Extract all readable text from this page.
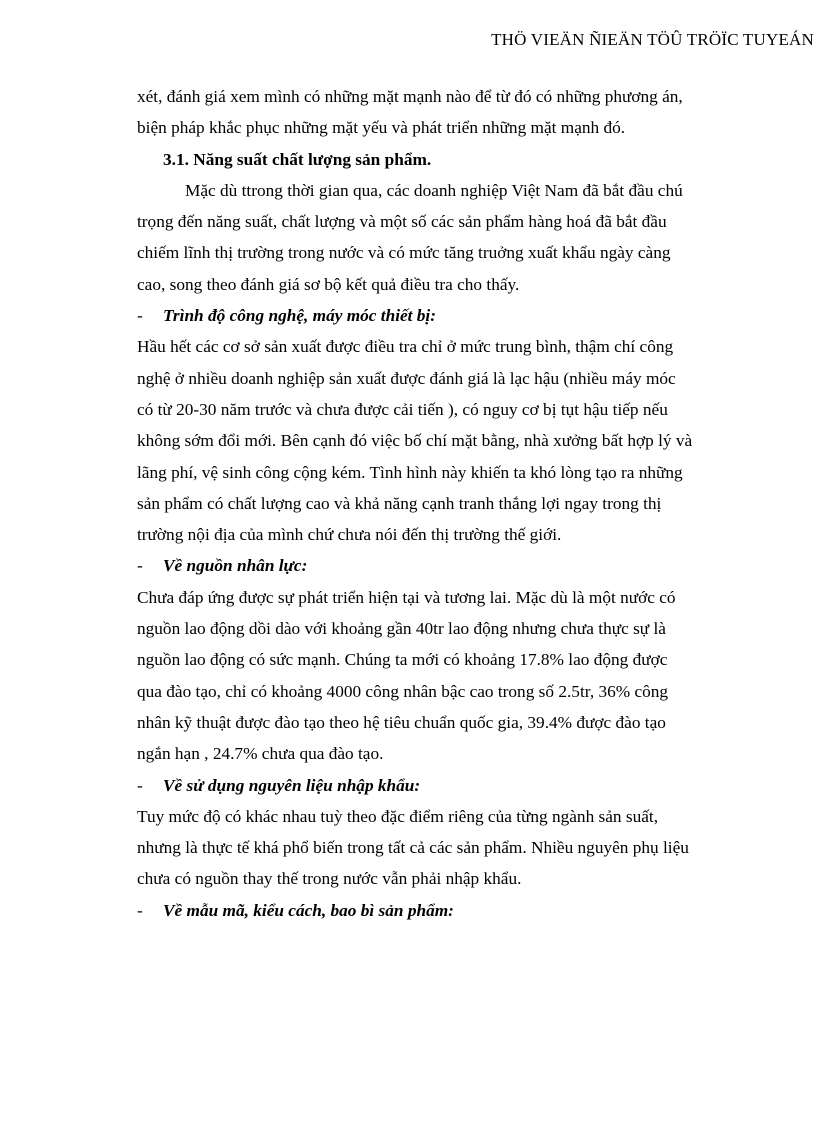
THÖ VIEÄN ÑIEÄN TÖÛ TRÖÏC TUYEÁN
xét, đánh giá xem mình có những mặt mạnh nào để từ đó có những phương án,
biện pháp khắc phục những mặt yếu và phát triển những mặt mạnh đó.
3.1. Năng suất chất lượng sản phẩm.
Mặc dù ttrong thời gian qua, các doanh nghiệp Việt Nam đã bắt đầu chú
trọng đến năng suất, chất lượng và một số các sản phẩm hàng hoá đã bắt đầu
chiếm lĩnh thị trường trong nước và có mức tăng truởng xuất khẩu ngày càng
cao, song theo đánh giá sơ bộ kết quả điều tra cho thấy.
- Trình độ công nghệ, máy móc thiết bị:
Hầu hết các cơ sở sản xuất được điều tra chỉ ở mức trung bình, thậm chí công
nghệ ở nhiều doanh nghiệp sản xuất được đánh giá là lạc hậu (nhiều máy móc
có từ 20-30 năm trước và chưa được cải tiến ), có nguy cơ bị tụt hậu tiếp nếu
không sớm đổi mới. Bên cạnh đó việc bố chí mặt bằng, nhà xưởng bất hợp lý và
lãng phí, vệ sinh công cộng kém. Tình hình này khiến ta khó lòng tạo ra những
sản phẩm có chất lượng cao và khả năng cạnh tranh thắng lợi ngay trong thị
trường nội địa của mình chứ chưa nói đến thị trường thế giới.
- Về nguồn nhân lực:
Chưa đáp ứng được sự phát triển hiện tại và tương lai. Mặc dù là một nước có
nguồn lao động dồi dào với khoảng gần 40tr lao động nhưng chưa thực sự là
nguồn lao động có sức mạnh. Chúng ta mới có khoảng 17.8% lao động được
qua đào tạo, chỉ có khoảng 4000 công nhân bậc cao trong số 2.5tr, 36% công
nhân kỹ thuật được đào tạo theo hệ tiêu chuẩn quốc gia, 39.4% được đào tạo
ngắn hạn , 24.7% chưa qua đào tạo.
- Về sử dụng nguyên liệu nhập khẩu:
Tuy mức độ có khác nhau tuỳ theo đặc điểm riêng của từng ngành sản suất,
nhưng là thực tế khá phổ biến trong tất cả các sản phẩm. Nhiều nguyên phụ liệu
chưa có nguồn thay thế trong nước vẫn phải nhập khẩu.
- Về mẫu mã, kiểu cách, bao bì sản phẩm:
